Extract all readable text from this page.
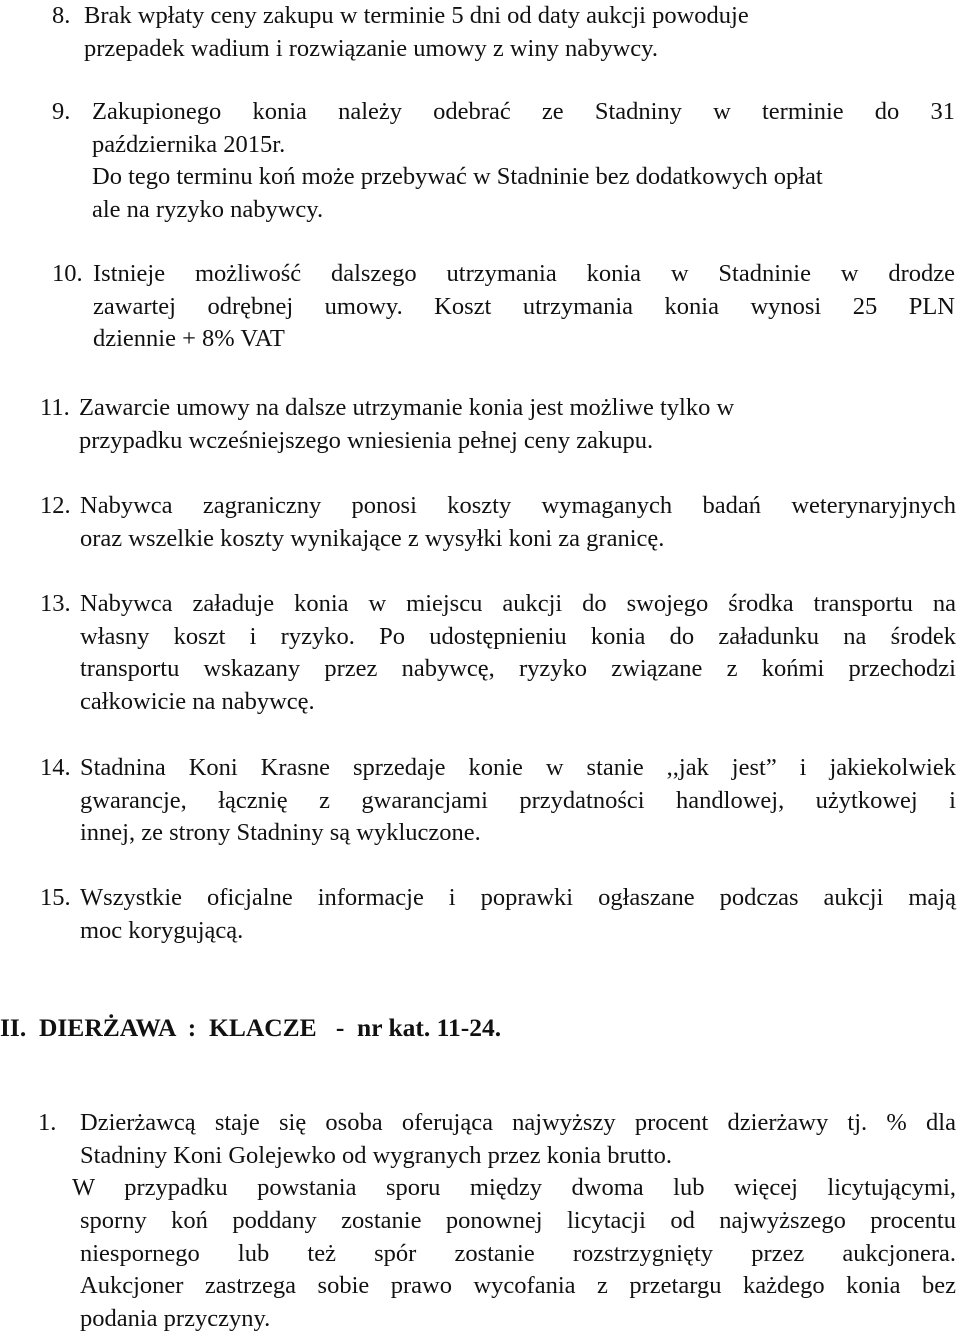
8. Brak wpłaty ceny zakupu w terminie 5 dni od daty aukcji powoduje
przepadek wadium i rozwiązanie umowy z winy nabywcy.
9. Zakupionego konia należy odebrać ze Stadniny w terminie do 31
października 2015r.
Do tego terminu koń może przebywać w Stadninie bez dodatkowych opłat
ale na ryzyko nabywcy.
10. Istnieje możliwość dalszego utrzymania konia w Stadninie w drodze
zawartej odrębnej umowy. Koszt utrzymania konia wynosi 25 PLN
dziennie + 8% VAT
11. Zawarcie umowy na dalsze utrzymanie konia jest możliwe tylko w
przypadku wcześniejszego wniesienia pełnej ceny zakupu.
12. Nabywca zagraniczny ponosi koszty wymaganych badań weterynaryjnych
oraz wszelkie koszty wynikające z wysyłki koni za granicę.
13. Nabywca załaduje konia w miejscu aukcji do swojego środka transportu na
własny koszt i ryzyko. Po udostępnieniu konia do załadunku na środek
transportu wskazany przez nabywcę, ryzyko związane z końmi przechodzi
całkowicie na nabywcę.
14. Stadnina Koni Krasne sprzedaje konie w stanie ,,jak jest” i jakiekolwiek
gwarancje, łącznię z gwarancjami przydatności handlowej, użytkowej i
innej, ze strony Stadniny są wykluczone.
15. Wszystkie oficjalne informacje i poprawki ogłaszane podczas aukcji mają
moc korygującą.
II.  DIERŻAWA  :  KLACZE   -  nr kat. 11-24.
1. Dzierżawcą staje się osoba oferująca najwyższy procent dzierżawy tj. % dla
Stadniny Koni Golejewko od wygranych przez konia brutto.
W przypadku powstania sporu między dwoma lub więcej licytującymi,
sporny koń poddany zostanie ponownej licytacji od najwyższego procentu
niespornego lub też spór zostanie rozstrzygnięty przez aukcjonera.
Aukcjoner zastrzega sobie prawo wycofania z przetargu każdego konia bez
podania przyczyny.
